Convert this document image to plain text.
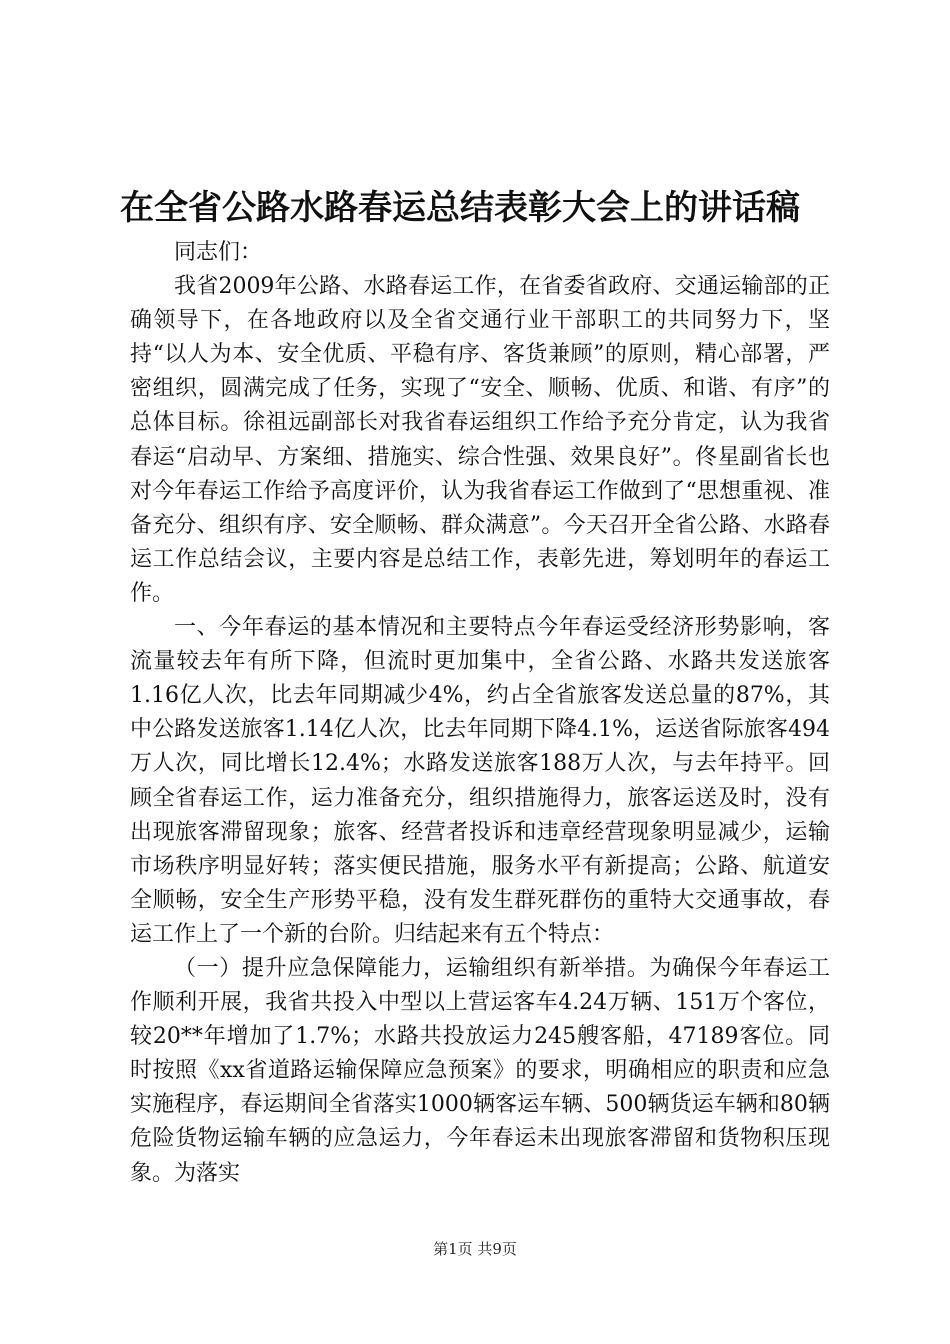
在全省公路水路春运总结表彰大会上的讲话稿

同志们：

我省2009年公路、水路春运工作，在省委省政府、交通运输部的正确领导下，在各地政府以及全省交通行业干部职工的共同努力下，坚持“以人为本、安全优质、平稳有序、客货兼顾”的原则，精心部署，严密组织，圆满完成了任务，实现了“安全、顺畅、优质、和谐、有序”的总体目标。徐祖远副部长对我省春运组织工作给予充分肯定，认为我省春运“启动早、方案细、措施实、综合性强、效果良好”。佟星副省长也对今年春运工作给予高度评价，认为我省春运工作做到了“思想重视、准备充分、组织有序、安全顺畅、群众满意”。今天召开全省公路、水路春运工作总结会议，主要内容是总结工作，表彰先进，筹划明年的春运工作。

一、今年春运的基本情况和主要特点今年春运受经济形势影响，客流量较去年有所下降，但流时更加集中，全省公路、水路共发送旅客1.16亿人次，比去年同期减少4%，约占全省旅客发送总量的87%，其中公路发送旅客1.14亿人次，比去年同期下降4.1%，运送省际旅客494万人次，同比增长12.4%；水路发送旅客188万人次，与去年持平。回顾全省春运工作，运力准备充分，组织措施得力，旅客运送及时，没有出现旅客滞留现象；旅客、经营者投诉和违章经营现象明显减少，运输市场秩序明显好转；落实便民措施，服务水平有新提高；公路、航道安全顺畅，安全生产形势平稳，没有发生群死群伤的重特大交通事故，春运工作上了一个新的台阶。归结起来有五个特点：

（一）提升应急保障能力，运输组织有新举措。为确保今年春运工作顺利开展，我省共投入中型以上营运客车4.24万辆、151万个客位，较20**年增加了1.7%；水路共投放运力245艘客船，47189客位。同时按照《xx省道路运输保障应急预案》的要求，明确相应的职责和应急实施程序，春运期间全省落实1000辆客运车辆、500辆货运车辆和80辆危险货物运输车辆的应急运力，今年春运未出现旅客滞留和货物积压现象。为落实

第1页 共9页
